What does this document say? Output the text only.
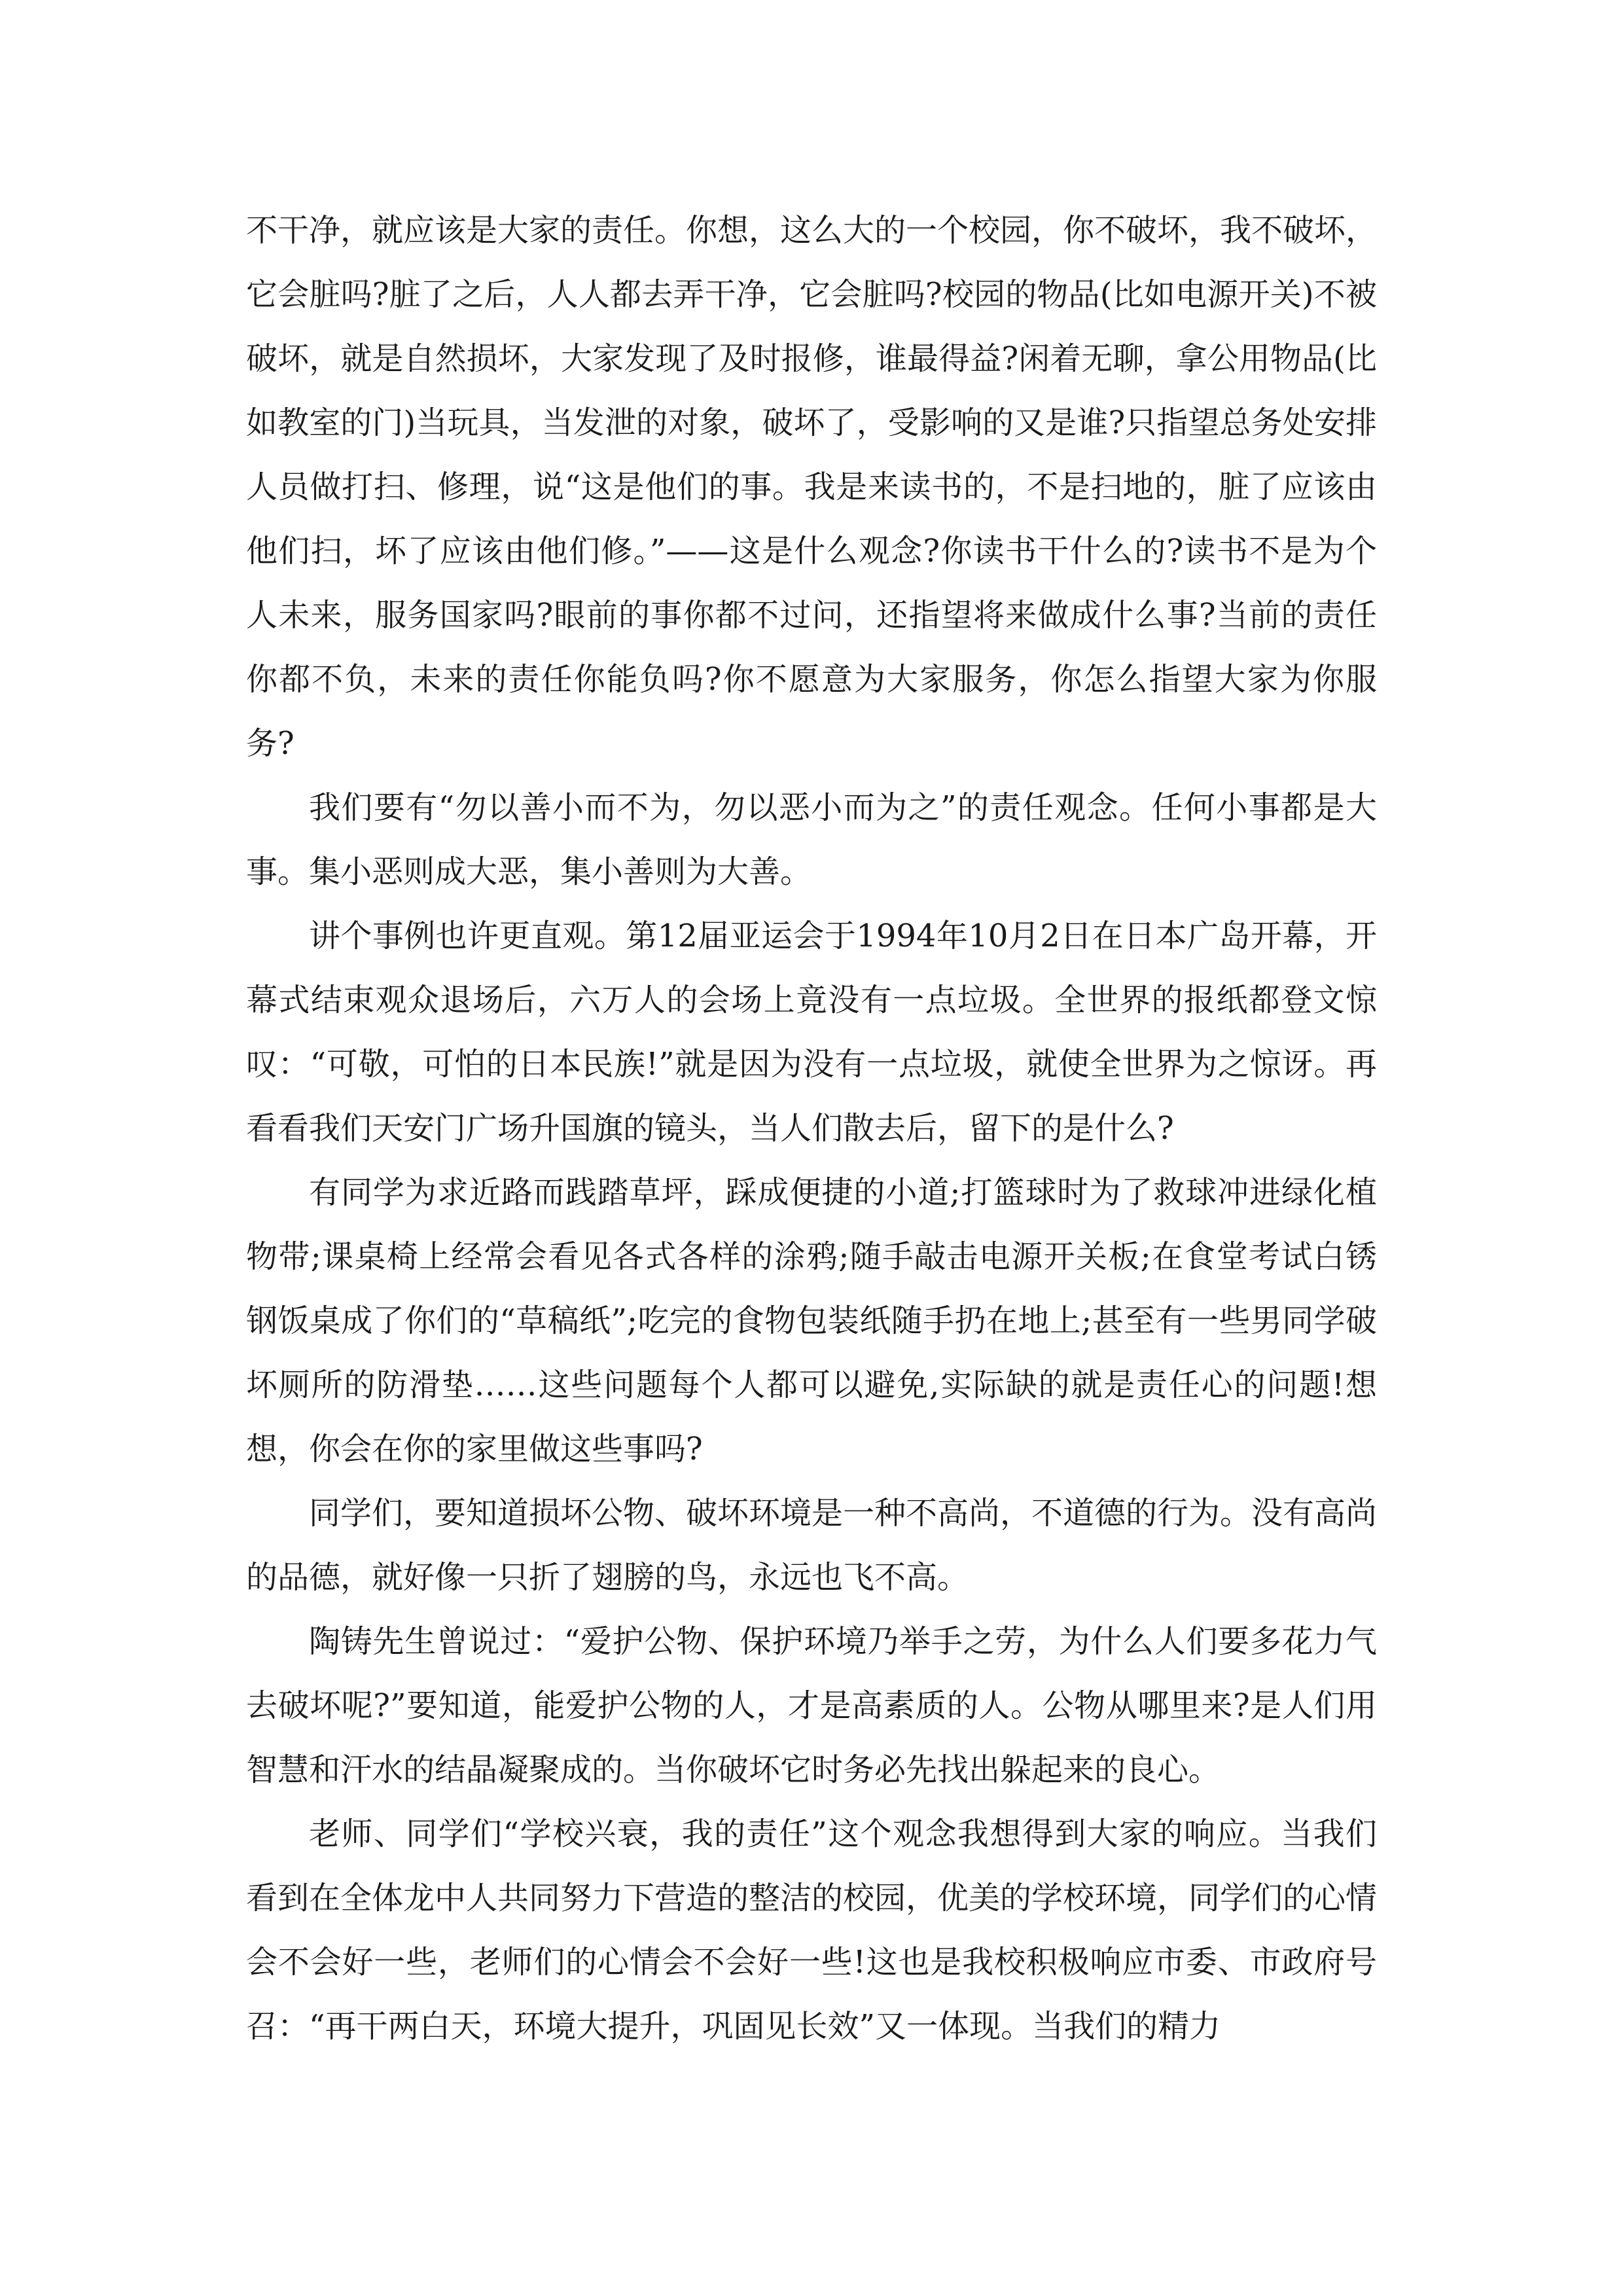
不干净，就应该是大家的责任。你想，这么大的一个校园，你不破坏，我不破坏，它会脏吗?脏了之后，人人都去弄干净，它会脏吗?校园的物品(比如电源开关)不被破坏，就是自然损坏，大家发现了及时报修，谁最得益?闲着无聊，拿公用物品(比如教室的门)当玩具，当发泄的对象，破坏了，受影响的又是谁?只指望总务处安排人员做打扫、修理，说“这是他们的事。我是来读书的，不是扫地的，脏了应该由他们扫，坏了应该由他们修。”——这是什么观念?你读书干什么的?读书不是为个人未来，服务国家吗?眼前的事你都不过问，还指望将来做成什么事?当前的责任你都不负，未来的责任你能负吗?你不愿意为大家服务，你怎么指望大家为你服务?

我们要有“勿以善小而不为，勿以恶小而为之”的责任观念。任何小事都是大事。集小恶则成大恶，集小善则为大善。

讲个事例也许更直观。第12届亚运会于1994年10月2日在日本广岛开幕，开幕式结束观众退场后，六万人的会场上竟没有一点垃圾。全世界的报纸都登文惊叹：“可敬，可怕的日本民族!”就是因为没有一点垃圾，就使全世界为之惊讶。再看看我们天安门广场升国旗的镜头，当人们散去后，留下的是什么?

有同学为求近路而践踏草坪，踩成便捷的小道;打篮球时为了救球冲进绿化植物带;课桌椅上经常会看见各式各样的涂鸦;随手敲击电源开关板;在食堂考试白锈钢饭桌成了你们的“草稿纸”;吃完的食物包装纸随手扔在地上;甚至有一些男同学破坏厕所的防滑垫……这些问题每个人都可以避免,实际缺的就是责任心的问题!想想，你会在你的家里做这些事吗?

同学们，要知道损坏公物、破坏环境是一种不高尚，不道德的行为。没有高尚的品德，就好像一只折了翅膀的鸟，永远也飞不高。

陶铸先生曾说过：“爱护公物、保护环境乃举手之劳，为什么人们要多花力气去破坏呢?”要知道，能爱护公物的人，才是高素质的人。公物从哪里来?是人们用智慧和汗水的结晶凝聚成的。当你破坏它时务必先找出躲起来的良心。

老师、同学们“学校兴衰，我的责任”这个观念我想得到大家的响应。当我们看到在全体龙中人共同努力下营造的整洁的校园，优美的学校环境，同学们的心情会不会好一些，老师们的心情会不会好一些!这也是我校积极响应市委、市政府号召：“再干两白天，环境大提升，巩固见长效”又一体现。当我们的精力
